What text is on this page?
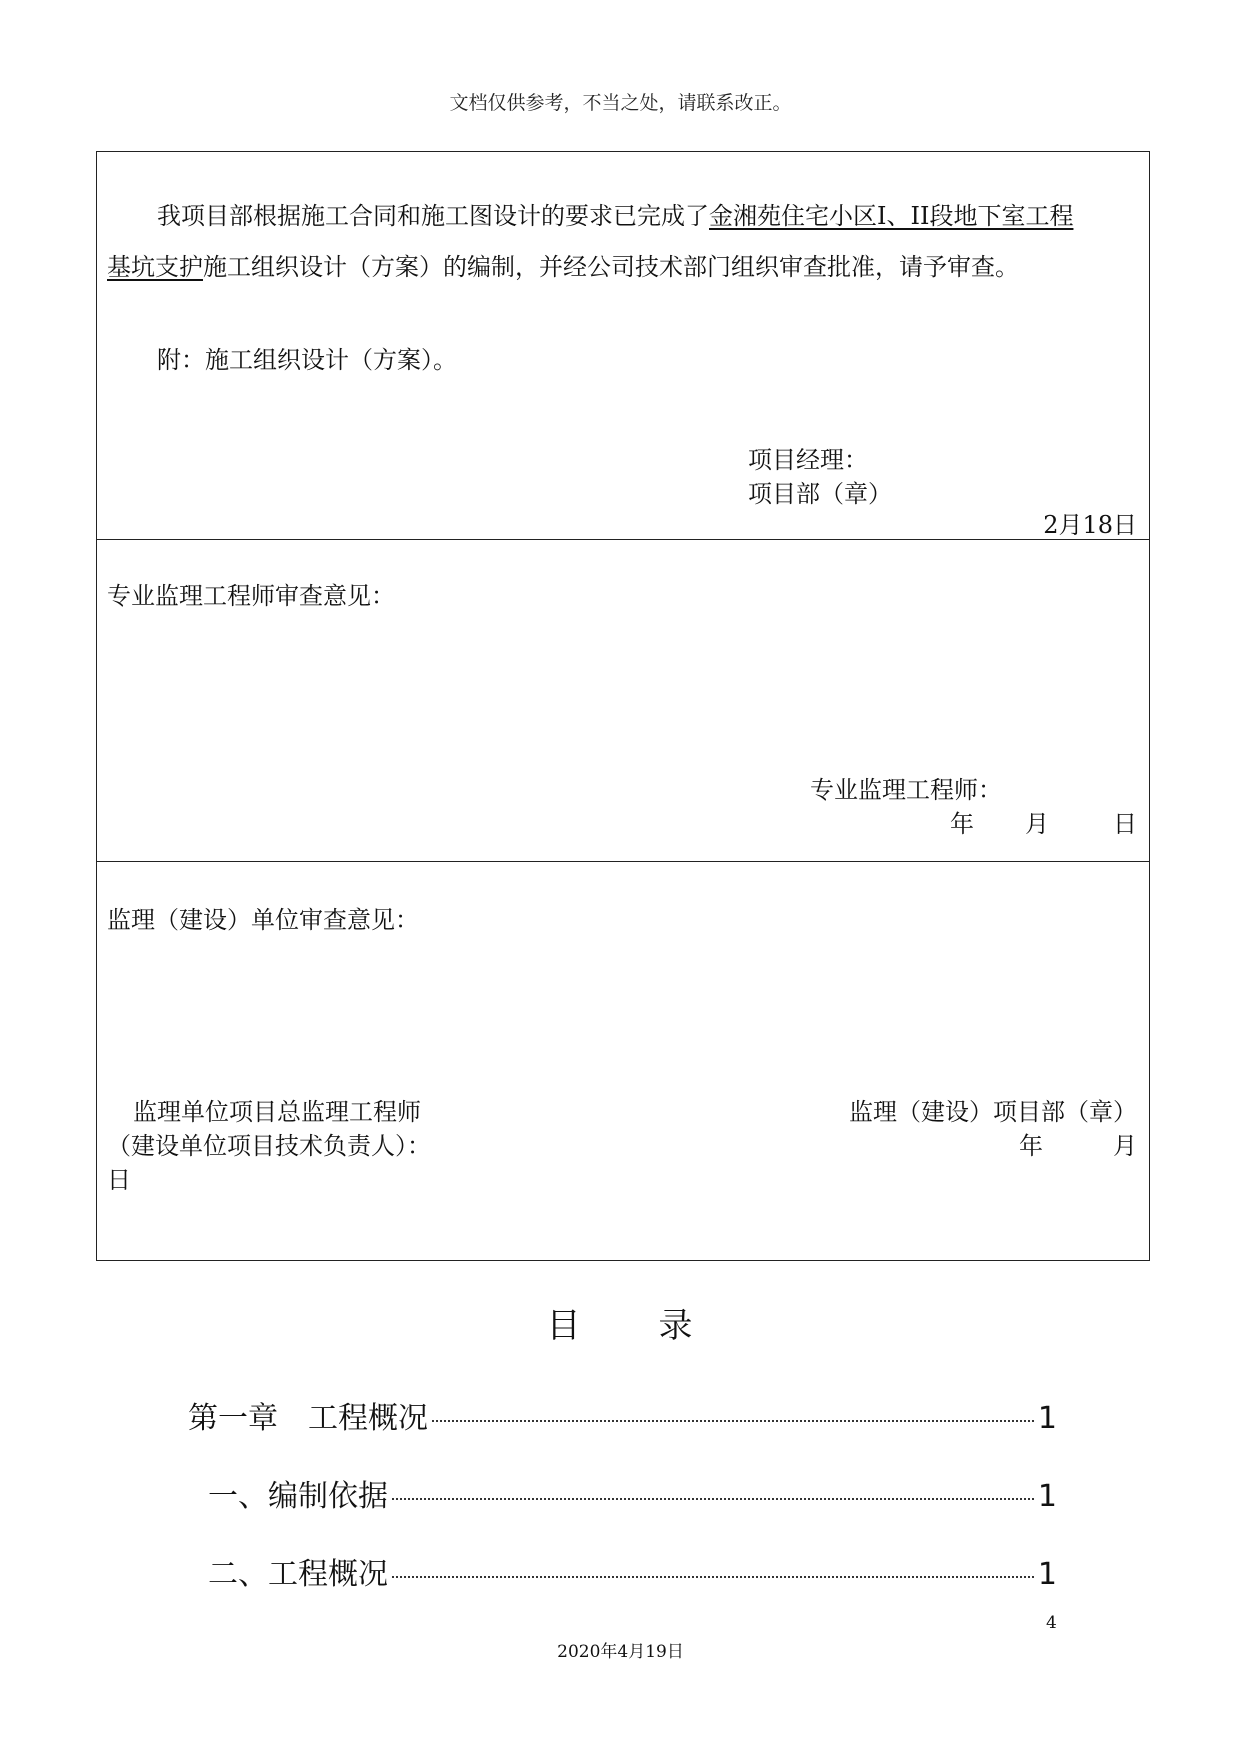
文档仅供参考，不当之处，请联系改正。
我项目部根据施工合同和施工图设计的要求已完成了金湘苑住宅小区I、II段地下室工程
基坑支护施工组织设计（方案）的编制，并经公司技术部门组织审查批准，请予审查。
附：施工组织设计（方案）。
项目经理：
项目部（章）
2月18日
专业监理工程师审查意见：
专业监理工程师：
年 月	日
监理（建设）单位审查意见：
监理单位项目总监理工程师	监理（建设）项目部（章）
（建设单位项目技术负责人）：	年	月
日
目 录
第一章　工程概况	1
一、编制依据	1
二、工程概况	1
4
2020年4月19日
